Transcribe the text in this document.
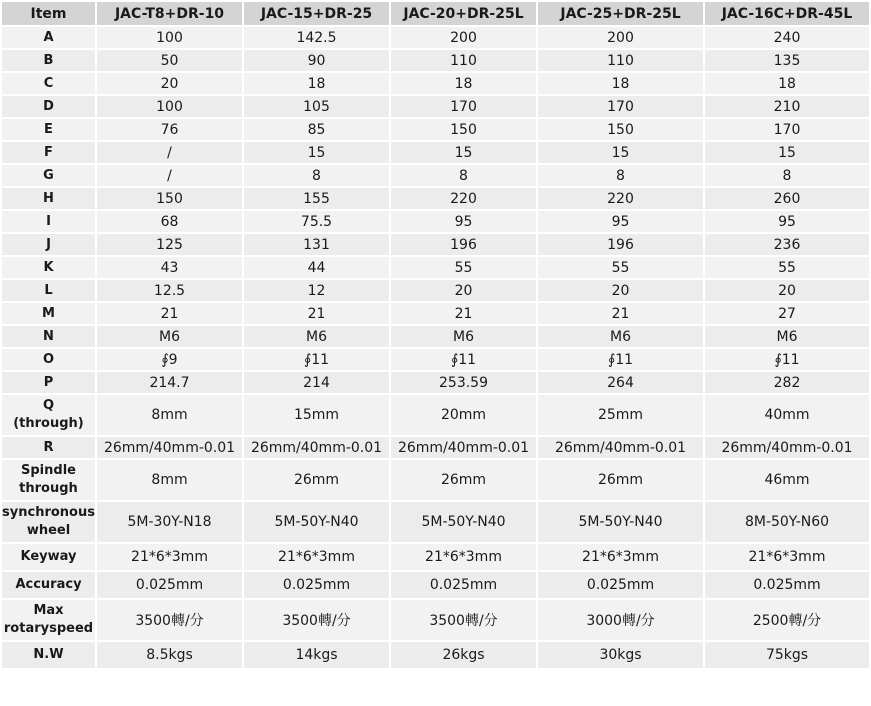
Item	JAC-T8+DR-10	JAC-15+DR-25	JAC-20+DR-25L	JAC-25+DR-25L	JAC-16C+DR-45L

A	100	142.5	200	200	240

B	50	90	110	110	135

C	20	18	18	18	18

D	100	105	170	170	210

E	76	85	150	150	170

F	/	15	15	15	15

G	/	8	8	8	8

H	150	155	220	220	260

I	68	75.5	95	95	95

J	125	131	196	196	236

K	43	44	55	55	55

L	12.5	12	20	20	20

M	21	21	21	21	27

N	M6	M6	M6	M6	M6

O	∮9	∮11	∮11	∮11	∮11

P	214.7	214	253.59	264	282

Q
(through)	8mm	15mm	20mm	25mm	40mm

R	26mm/40mm-0.01	26mm/40mm-0.01	26mm/40mm-0.01	26mm/40mm-0.01	26mm/40mm-0.01

Spindle
through	8mm	26mm	26mm	26mm	46mm

synchronous
wheel	5M-30Y-N18	5M-50Y-N40	5M-50Y-N40	5M-50Y-N40	8M-50Y-N60

Keyway	21*6*3mm	21*6*3mm	21*6*3mm	21*6*3mm	21*6*3mm

Accuracy	0.025mm	0.025mm	0.025mm	0.025mm	0.025mm

Max
rotaryspeed	3500轉/分	3500轉/分	3500轉/分	3000轉/分	2500轉/分

N.W	8.5kgs	14kgs	26kgs	30kgs	75kgs
